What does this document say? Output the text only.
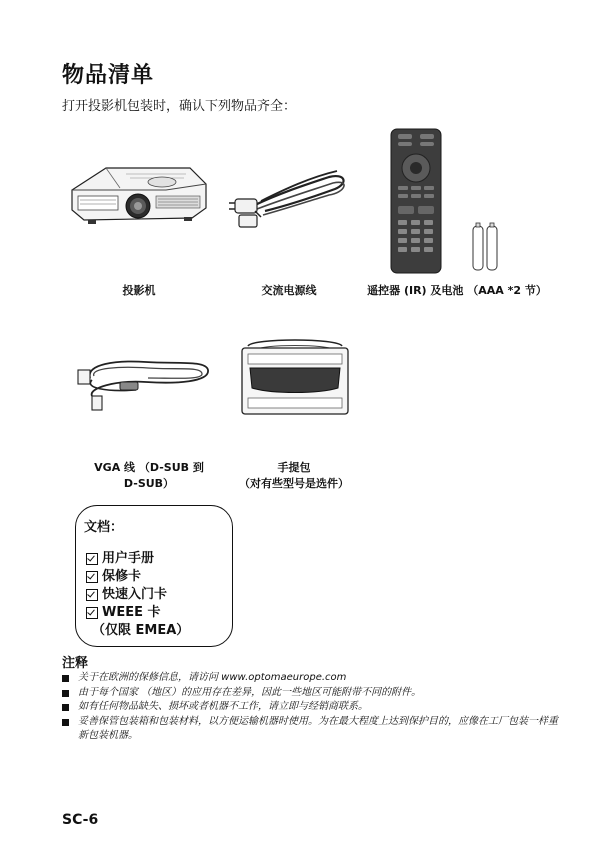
物品清单
打开投影机包装时，确认下列物品齐全：
投影机	交流电源线	遥控器 (IR) 及电池 （AAA *2 节）
VGA 线 （D-SUB 到
D-SUB）
手提包
（对有些型号是选件）
文档：
用户手册
保修卡
快速入门卡
WEEE 卡
（仅限 EMEA）
注释
关于在欧洲的保修信息，请访问 www.optomaeurope.com
由于每个国家 （地区）的应用存在差异，因此一些地区可能附带不同的附件。
如有任何物品缺失、损坏或者机器不工作，请立即与经销商联系。
妥善保管包装箱和包装材料，以方便运输机器时使用。为在最大程度上达到保护目的，应像在工厂包装一样重新包装机器。
SC-6
